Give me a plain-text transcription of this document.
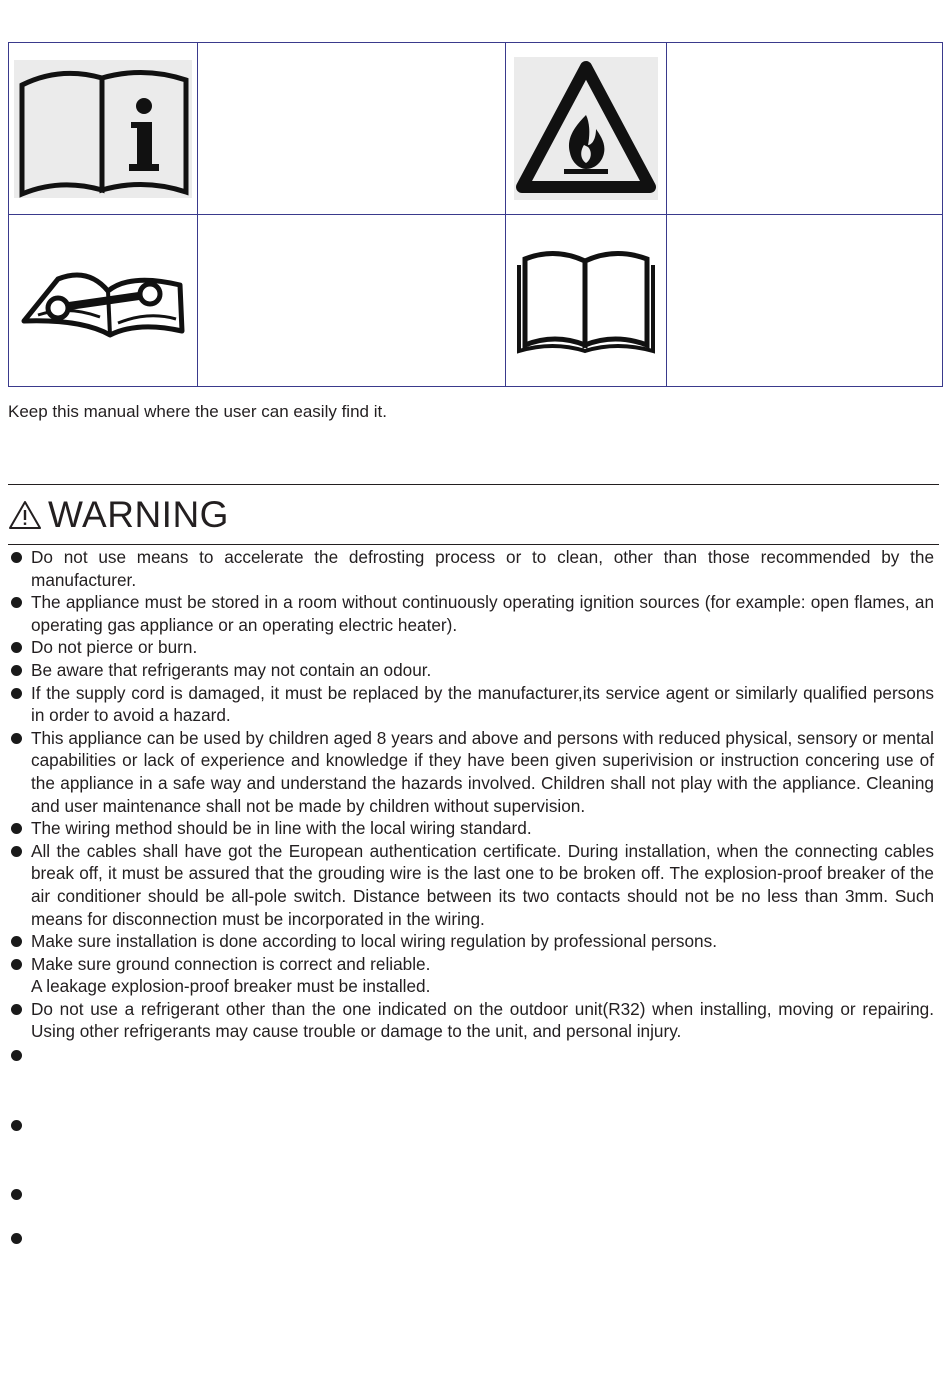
Keep this manual where the user can easily find it.
WARNING
Do not use means to accelerate the defrosting process or to clean, other than those recommended by the manufacturer.
The appliance must be stored in a room without continuously operating ignition sources (for example: open flames, an operating gas appliance or an operating electric heater).
Do not pierce or burn.
Be aware that refrigerants may not contain an odour.
If the supply cord is damaged, it must be replaced by the manufacturer,its service agent or similarly qualified persons in order to avoid a hazard.
This appliance can be used by children aged 8 years and above and persons with reduced physical, sensory or mental capabilities or lack of experience and knowledge if they have been given superivision or instruction concering use of the appliance in a safe way and understand the hazards involved. Children shall not play with the appliance. Cleaning and user maintenance shall not be made by children without supervision.
The wiring method should be in line with the local wiring standard.
All the cables shall have got the European authentication certificate. During installation, when the connecting cables break off, it must be assured that the grouding wire is the last one to be broken off. The explosion-proof breaker of the air conditioner should be all-pole switch. Distance between its two contacts should not be no less than 3mm. Such means for disconnection must be incorporated in the wiring.
Make sure installation is done according to local wiring regulation by professional persons.
Make sure ground connection is correct and reliable.
A leakage explosion-proof breaker must be installed.
Do not use a refrigerant other than the one indicated on the outdoor unit(R32) when installing, moving or repairing. Using other refrigerants may cause trouble or damage to the unit, and personal injury.
